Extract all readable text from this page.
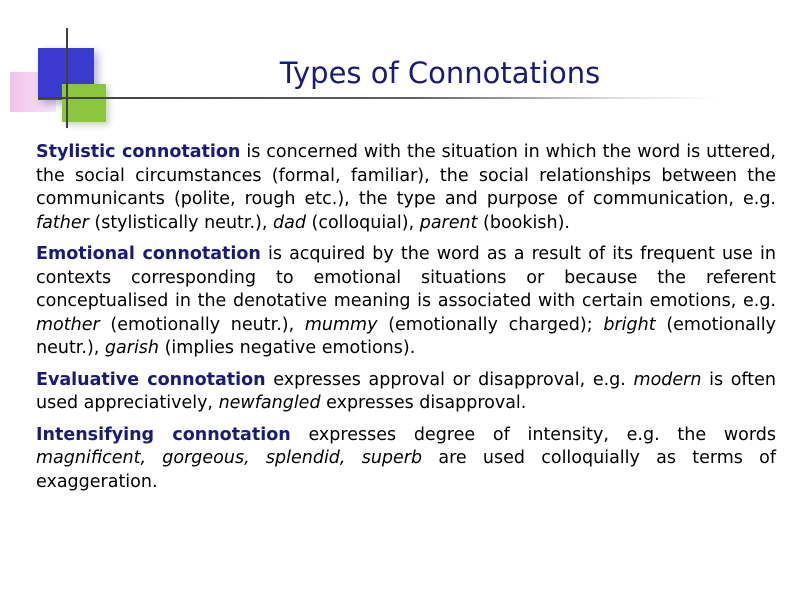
Types of Connotations

Stylistic connotation is concerned with the situation in which the word is uttered, the social circumstances (formal, familiar), the social relationships between the communicants (polite, rough etc.), the type and purpose of communication, e.g. father (stylistically neutr.), dad (colloquial), parent (bookish).

Emotional connotation is acquired by the word as a result of its frequent use in contexts corresponding to emotional situations or because the referent conceptualised in the denotative meaning is associated with certain emotions, e.g. mother (emotionally neutr.), mummy (emotionally charged); bright (emotionally neutr.), garish (implies negative emotions).

Evaluative connotation expresses approval or disapproval, e.g. modern is often used appreciatively, newfangled expresses disapproval.

Intensifying connotation expresses degree of intensity, e.g. the words magnificent, gorgeous, splendid, superb are used colloquially as terms of exaggeration.
